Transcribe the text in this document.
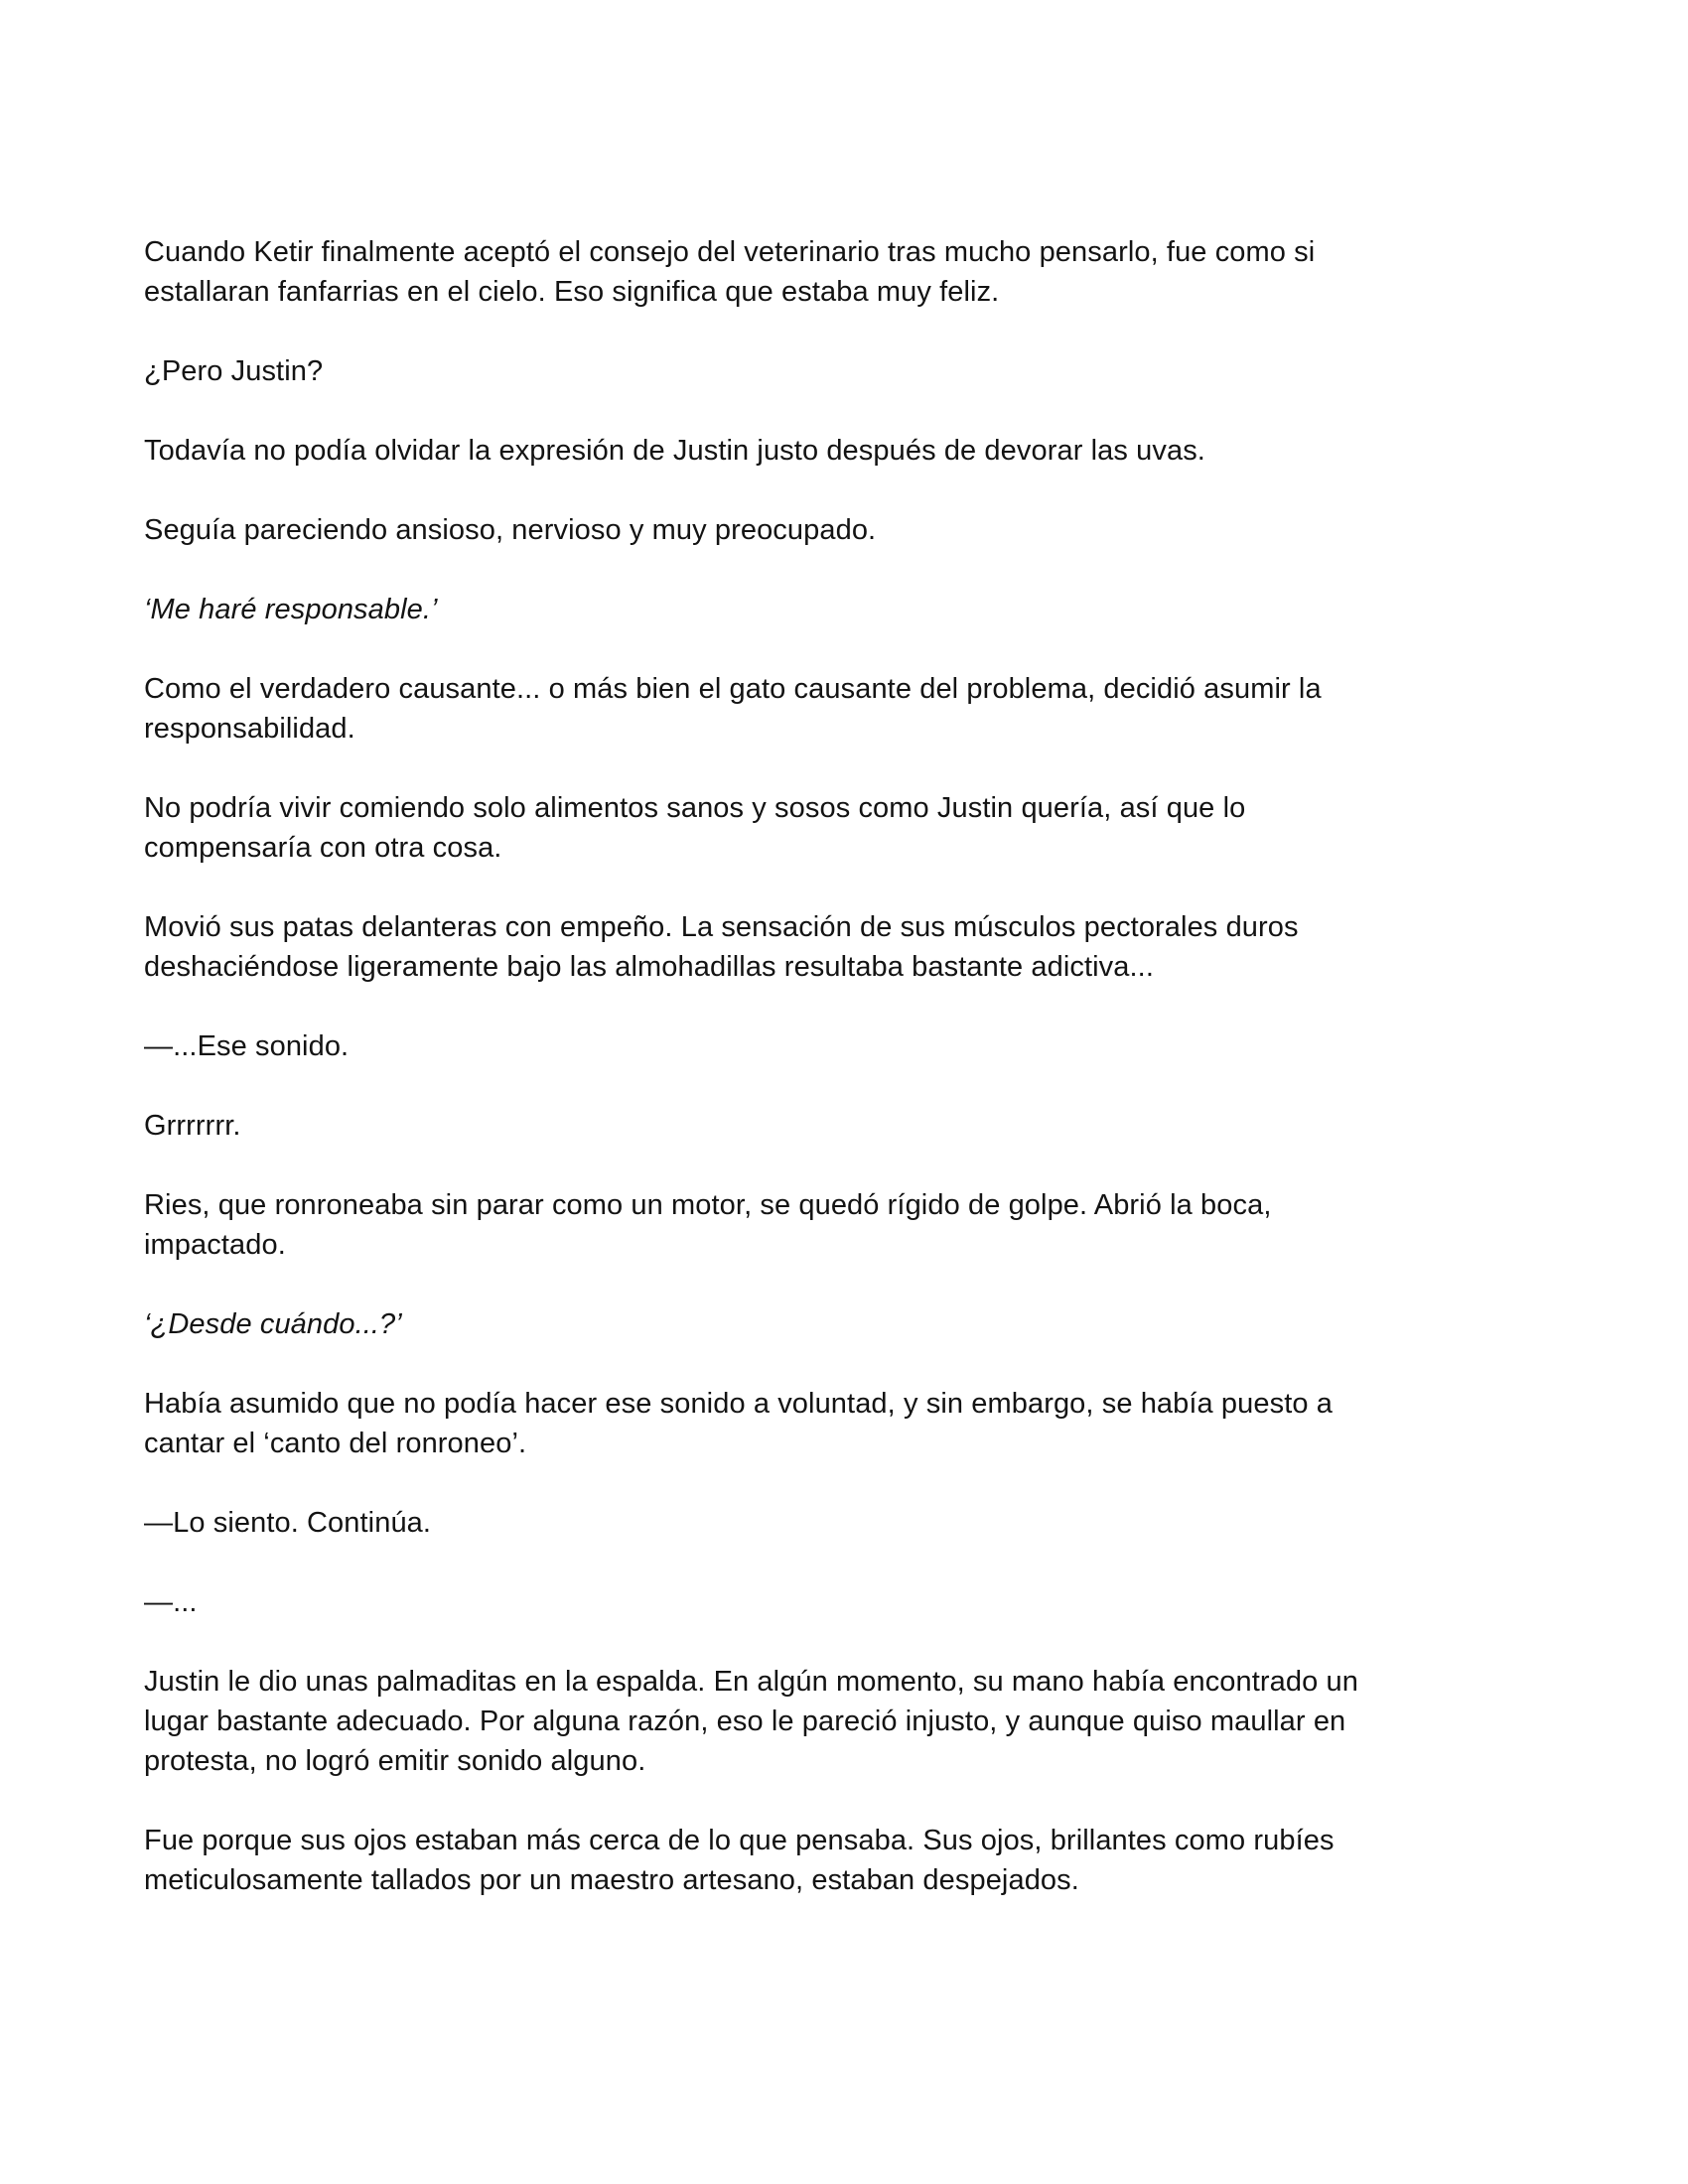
Cuando Ketir finalmente aceptó el consejo del veterinario tras mucho pensarlo, fue como si
estallaran fanfarrias en el cielo. Eso significa que estaba muy feliz.

¿Pero Justin?

Todavía no podía olvidar la expresión de Justin justo después de devorar las uvas.

Seguía pareciendo ansioso, nervioso y muy preocupado.

‘Me haré responsable.’

Como el verdadero causante... o más bien el gato causante del problema, decidió asumir la
responsabilidad.

No podría vivir comiendo solo alimentos sanos y sosos como Justin quería, así que lo
compensaría con otra cosa.

Movió sus patas delanteras con empeño. La sensación de sus músculos pectorales duros
deshaciéndose ligeramente bajo las almohadillas resultaba bastante adictiva...

—...Ese sonido.

Grrrrrrr.

Ries, que ronroneaba sin parar como un motor, se quedó rígido de golpe. Abrió la boca,
impactado.

‘¿Desde cuándo...?’

Había asumido que no podía hacer ese sonido a voluntad, y sin embargo, se había puesto a
cantar el ‘canto del ronroneo’.

—Lo siento. Continúa.

—...

Justin le dio unas palmaditas en la espalda. En algún momento, su mano había encontrado un
lugar bastante adecuado. Por alguna razón, eso le pareció injusto, y aunque quiso maullar en
protesta, no logró emitir sonido alguno.

Fue porque sus ojos estaban más cerca de lo que pensaba. Sus ojos, brillantes como rubíes
meticulosamente tallados por un maestro artesano, estaban despejados.
